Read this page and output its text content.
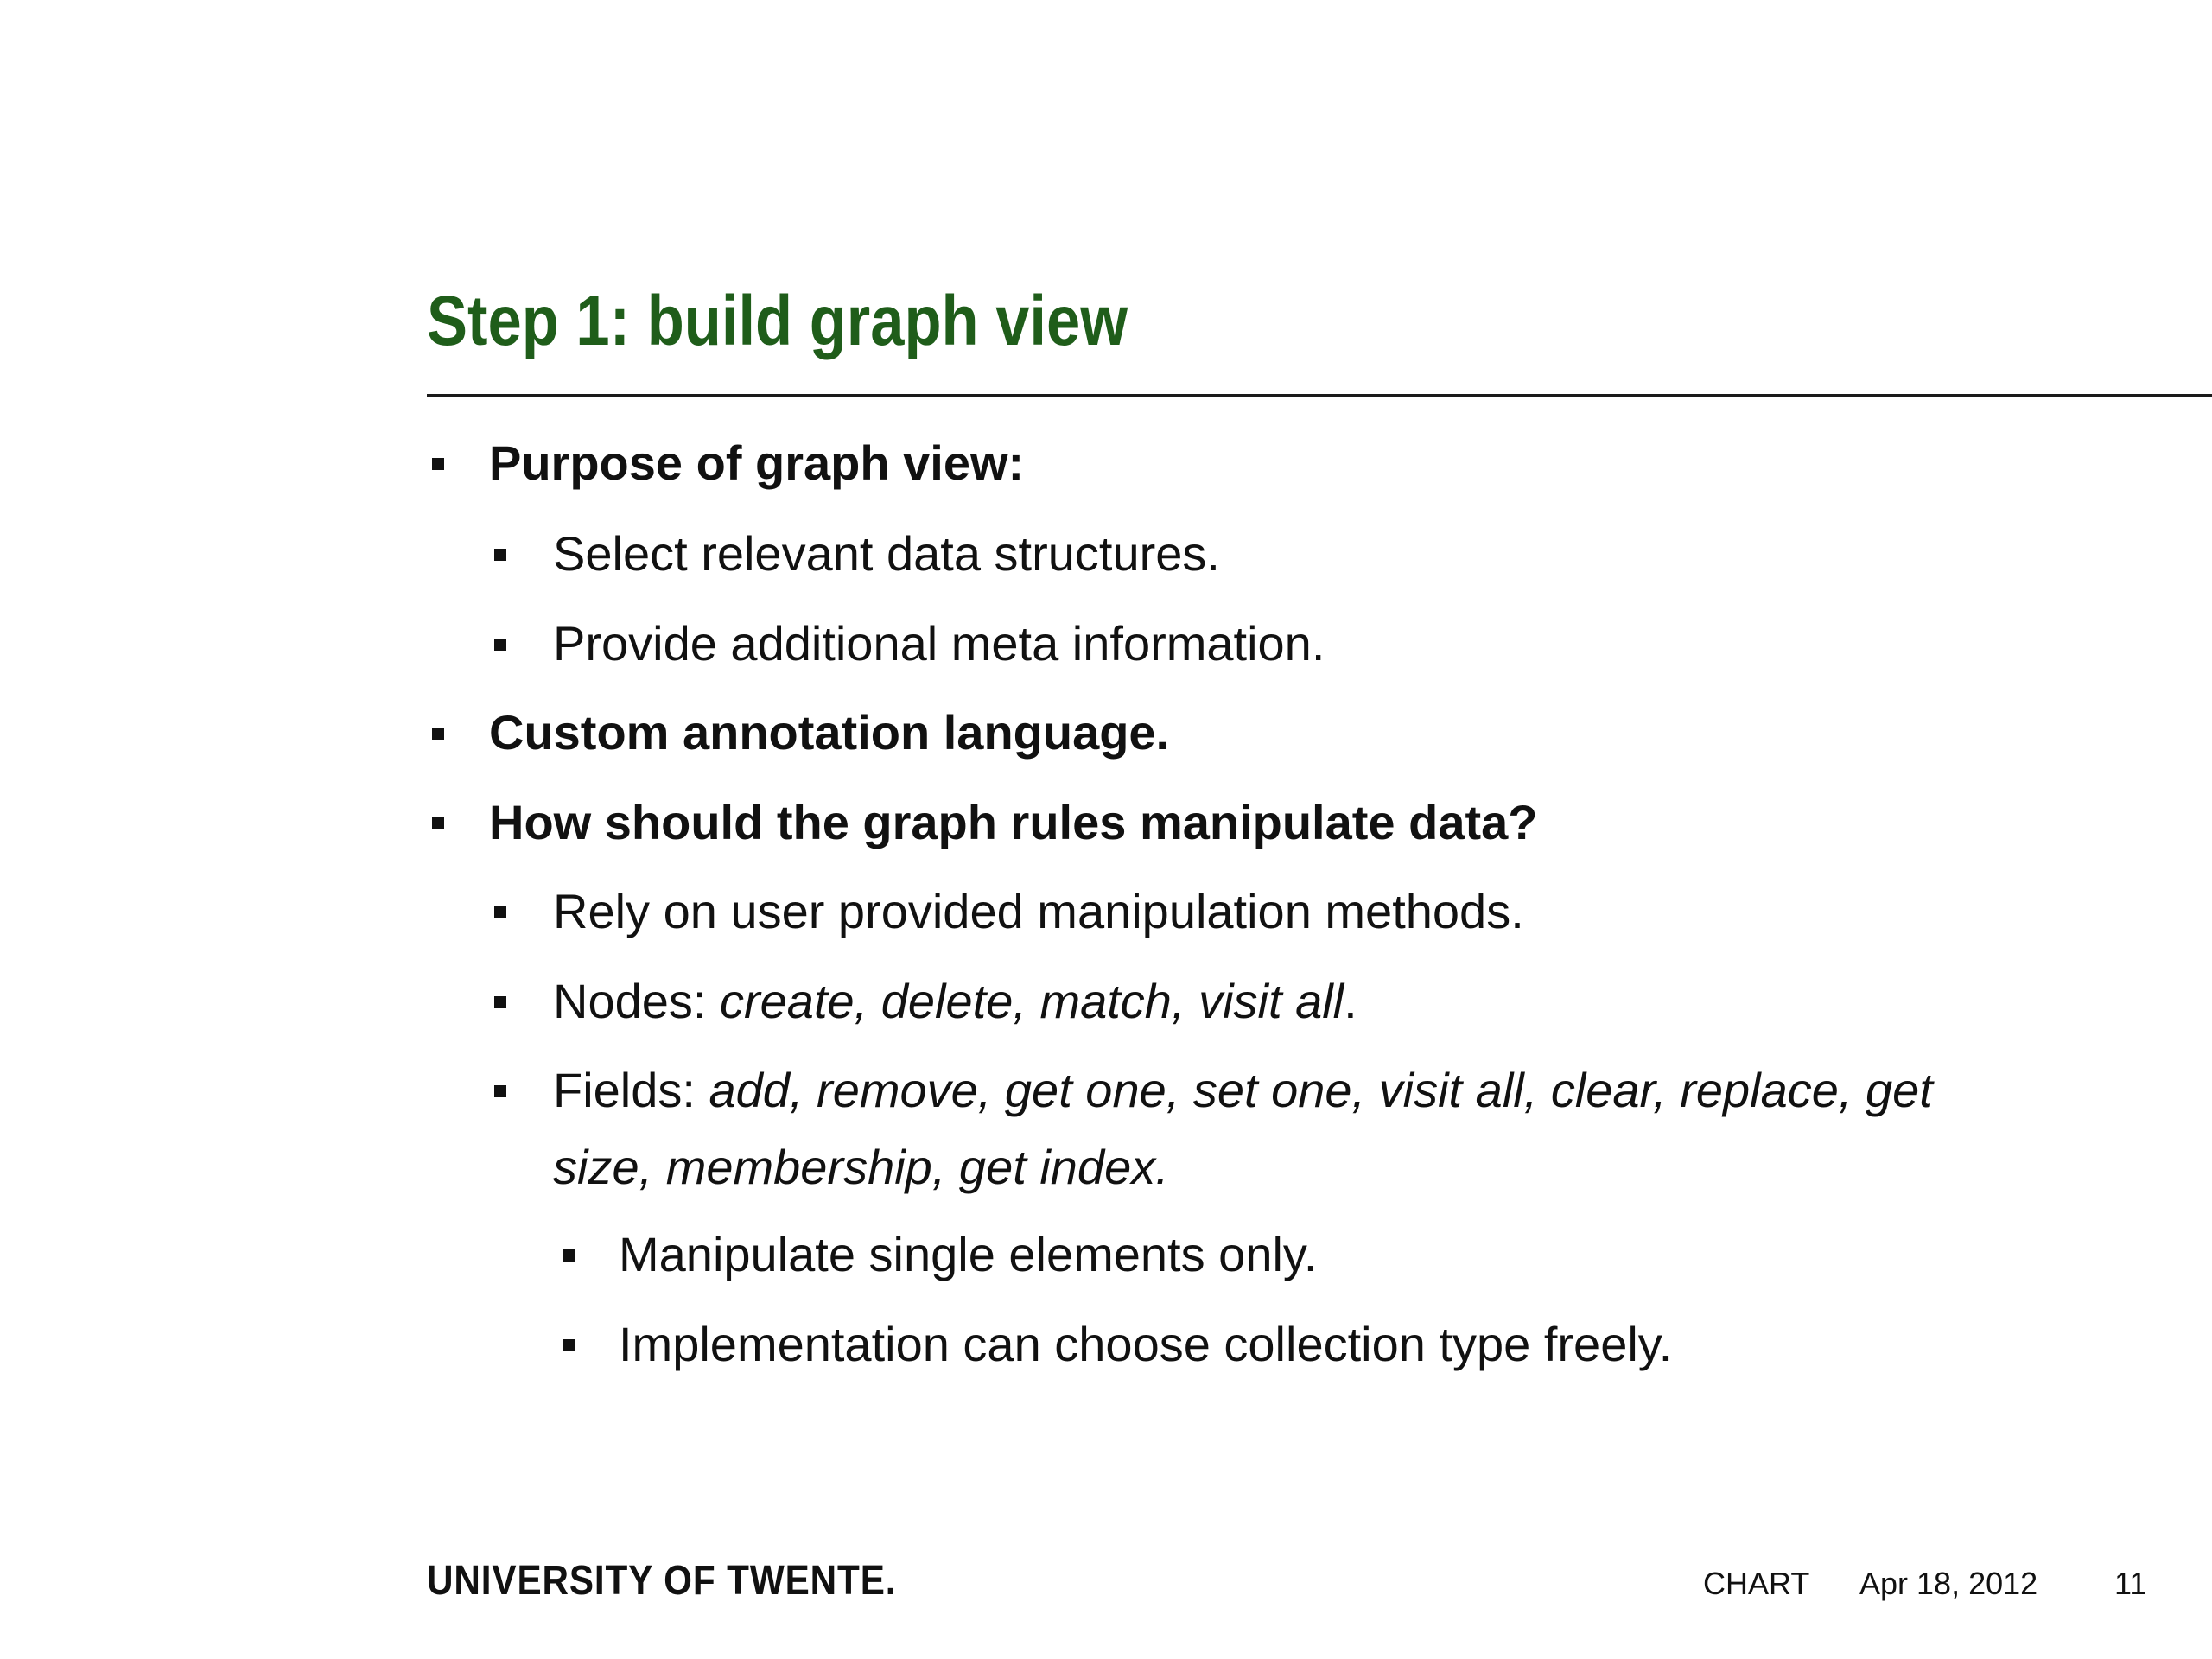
Step 1: build graph view
Purpose of graph view:
Select relevant data structures.
Provide additional meta information.
Custom annotation language.
How should the graph rules manipulate data?
Rely on user provided manipulation methods.
Nodes: create, delete, match, visit all.
Fields: add, remove, get one, set one, visit all, clear, replace, get
size, membership, get index.
Manipulate single elements only.
Implementation can choose collection type freely.
UNIVERSITY OF TWENTE.	CHART Apr 18, 2012 11
